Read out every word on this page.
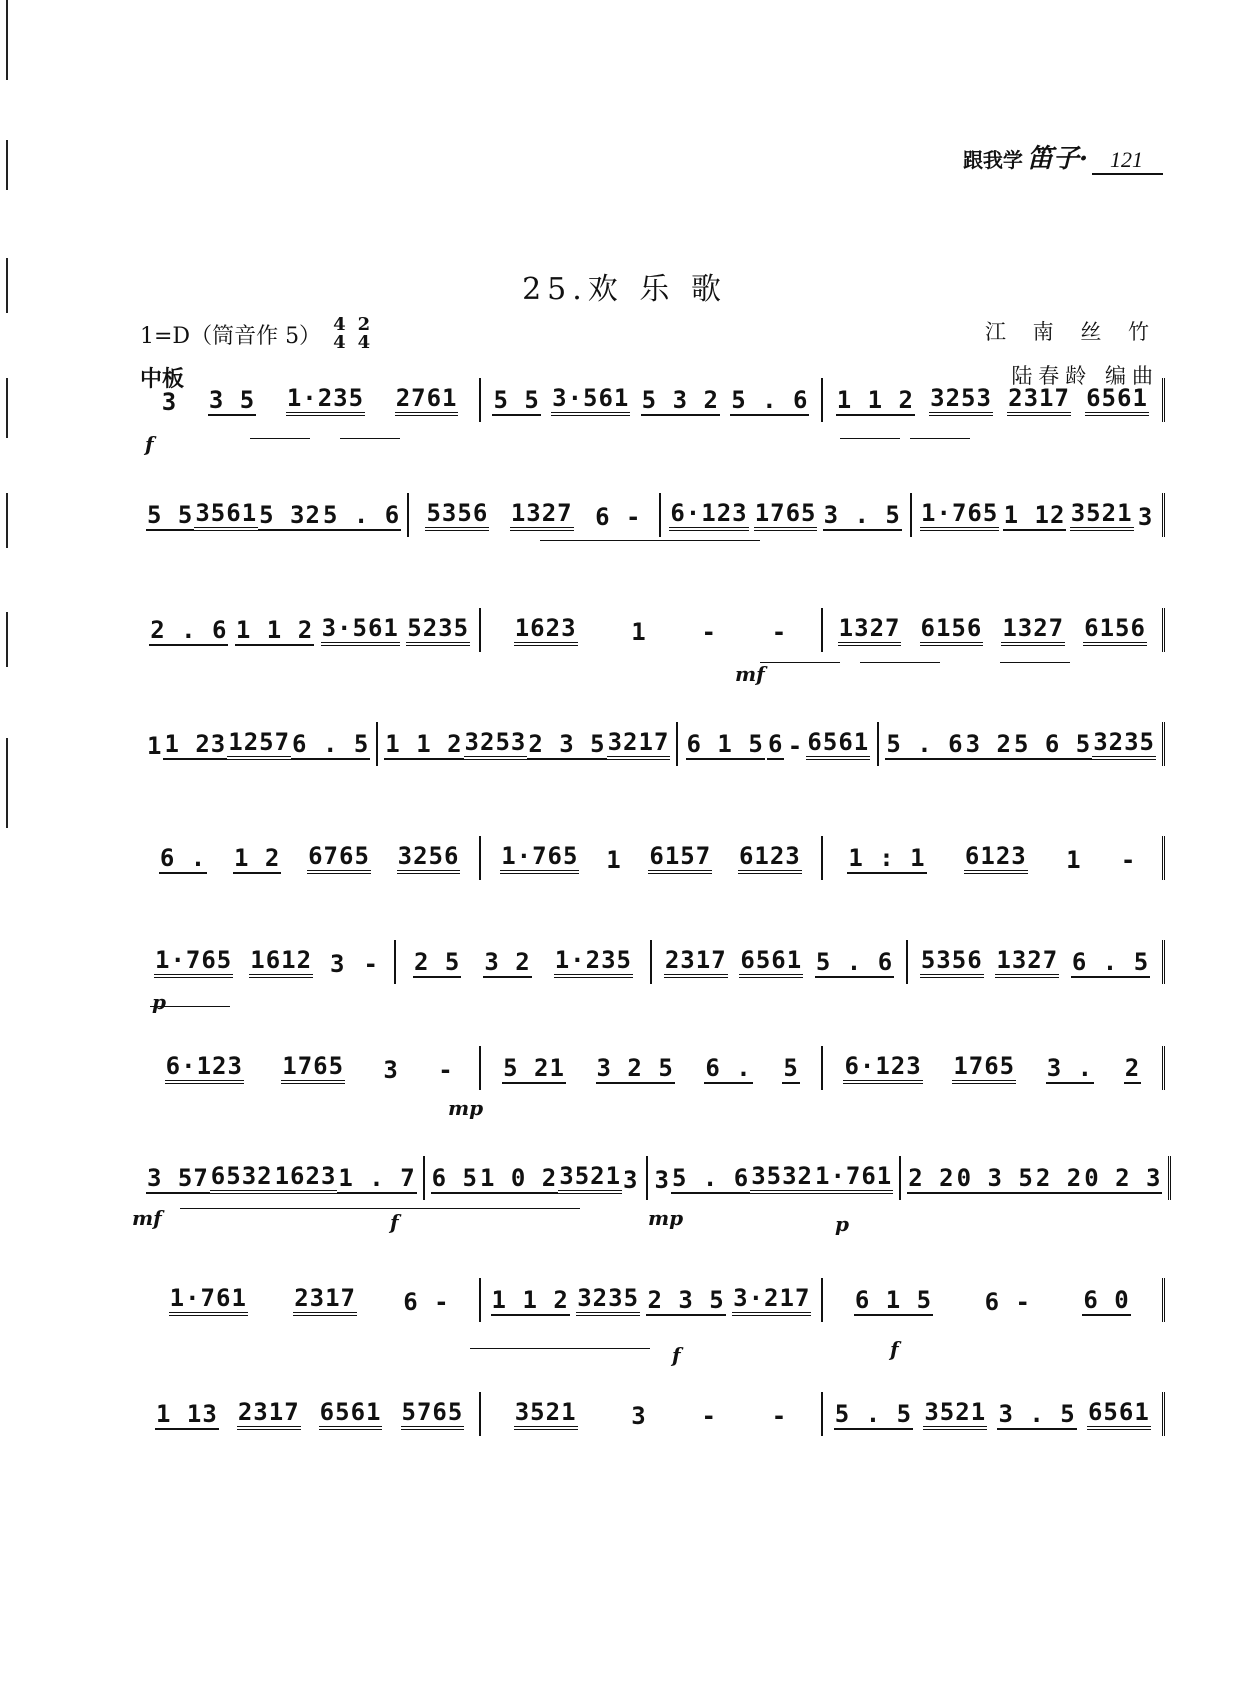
跟我学 笛子·	121
25.欢 乐 歌
1=D（筒音作 5） 4
4
2
4
中板
江 南 丝 竹
陆春龄 编曲
3 3 5 1·235 2761 5 5 3·561 5 3 2 5 . 6 1 1 2 3253 2317 6561
5 5 3561 5 32 5 . 6 5356 1327 6 - 6·123 1765 3 . 5 1·765 1 12 3521 3
2 . 6 1 1 2 3·561 5235 1623 1 - - 1327 6156 1327 6156
1 1 23 1257 6 . 5 1 1 2 3253 2 3 5 3217 6 1 5 6 - 6561 5 . 6 3 2 5 6 5 3235
6 . 1 2 6765 3256 1·765 1 6157 6123 1 : 1 6123 1 -
1·765 1612 3 - 2 5 3 2 1·235 2317 6561 5 . 6 5356 1327 6 . 5
6·123 1765 3 - 5 21 3 2 5 6 . 5 6·123 1765 3 . 2
3 57 6532 1623 1 . 7 6 5 1 0 2 3521 3 3 5 . 6 3532 1·761 2 2 0 3 5 2 2 0 2 3
1·761 2317 6 - 1 1 2 3235 2 3 5 3·217 6 1 5 6 - 6 0
1 13 2317 6561 5765 3521 3 - - 5 . 5 3521 3 . 5 6561
f
mf
p
mp
mf	f	mp	p
f	f
